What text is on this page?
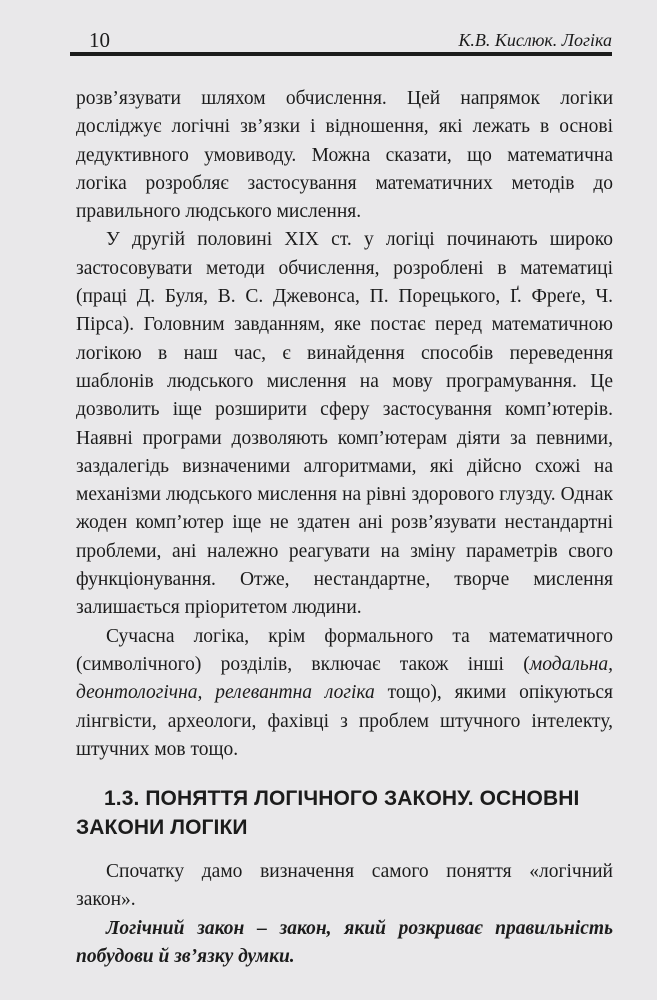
10	К.В. Кислюк. Логіка

розв’язувати шляхом обчислення. Цей напрямок логіки досліджує логічні зв’язки і відношення, які лежать в основі дедуктивного умовиводу. Можна сказати, що математична логіка розробляє застосування математичних методів до правильного людського мислення.

У другій половині XIX ст. у логіці починають широко застосовувати методи обчислення, розроблені в математиці (праці Д. Буля, В. С. Джевонса, П. Порецького, Ґ. Фреґе, Ч. Пірса). Головним завданням, яке постає перед математичною логікою в наш час, є винайдення способів переведення шаблонів людського мислення на мову програмування. Це дозволить іще розширити сферу застосування комп’ютерів. Наявні програми дозволяють комп’ютерам діяти за певними, заздалегідь визначеними алгоритмами, які дійсно схожі на механізми людського мислення на рівні здорового глузду. Однак жоден комп’ютер іще не здатен ані розв’язувати нестандартні проблеми, ані належно реагувати на зміну параметрів свого функціонування. Отже, нестандартне, творче мислення залишається пріоритетом людини.

Сучасна логіка, крім формального та математичного (символічного) розділів, включає також інші (модальна, деонтологічна, релевантна логіка тощо), якими опікуються лінгвісти, археологи, фахівці з проблем штучного інтелекту, штучних мов тощо.

1.3. ПОНЯТТЯ ЛОГІЧНОГО ЗАКОНУ. ОСНОВНІ ЗАКОНИ ЛОГІКИ

Спочатку дамо визначення самого поняття «логічний закон».

Логічний закон – закон, який розкриває правильність побудови й зв’язку думки.
